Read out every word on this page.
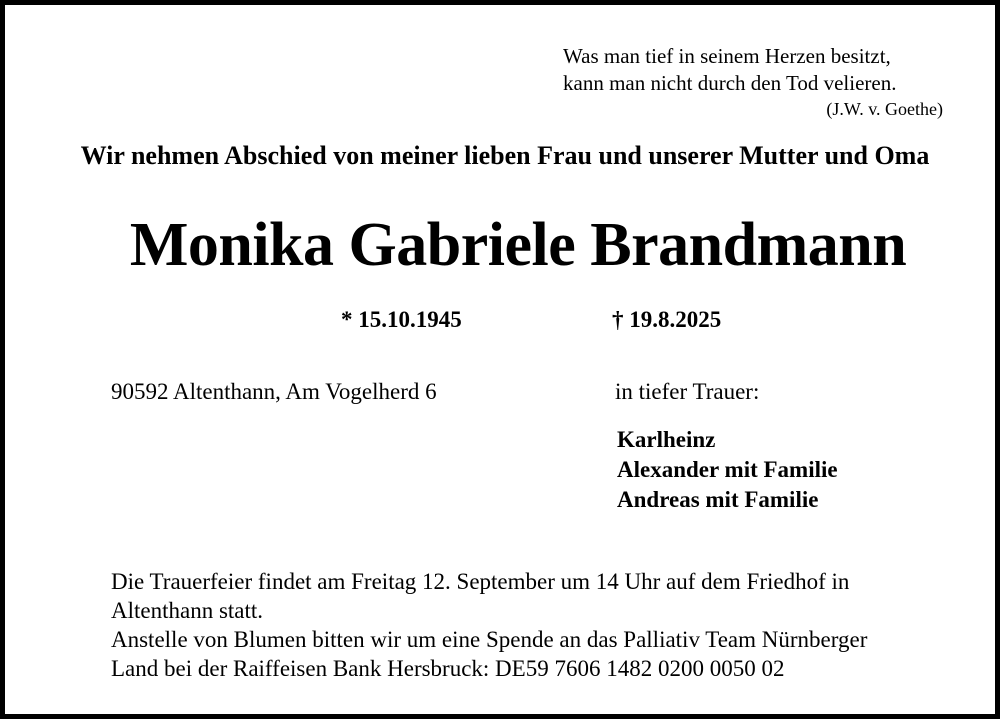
Was man tief in seinem Herzen besitzt,
kann man nicht durch den Tod velieren.
(J.W. v. Goethe)
Wir nehmen Abschied von meiner lieben Frau und unserer Mutter und Oma
Monika Gabriele Brandmann
* 15.10.1945	† 19.8.2025
90592 Altenthann, Am Vogelherd 6	in tiefer Trauer:
Karlheinz
Alexander mit Familie
Andreas mit Familie

Die Trauerfeier findet am Freitag 12. September um 14 Uhr auf dem Friedhof in

Altenthann statt.

Anstelle von Blumen bitten wir um eine Spende an das Palliativ Team Nürnberger

Land bei der Raiffeisen Bank Hersbruck: DE59 7606 1482 0200 0050 02
